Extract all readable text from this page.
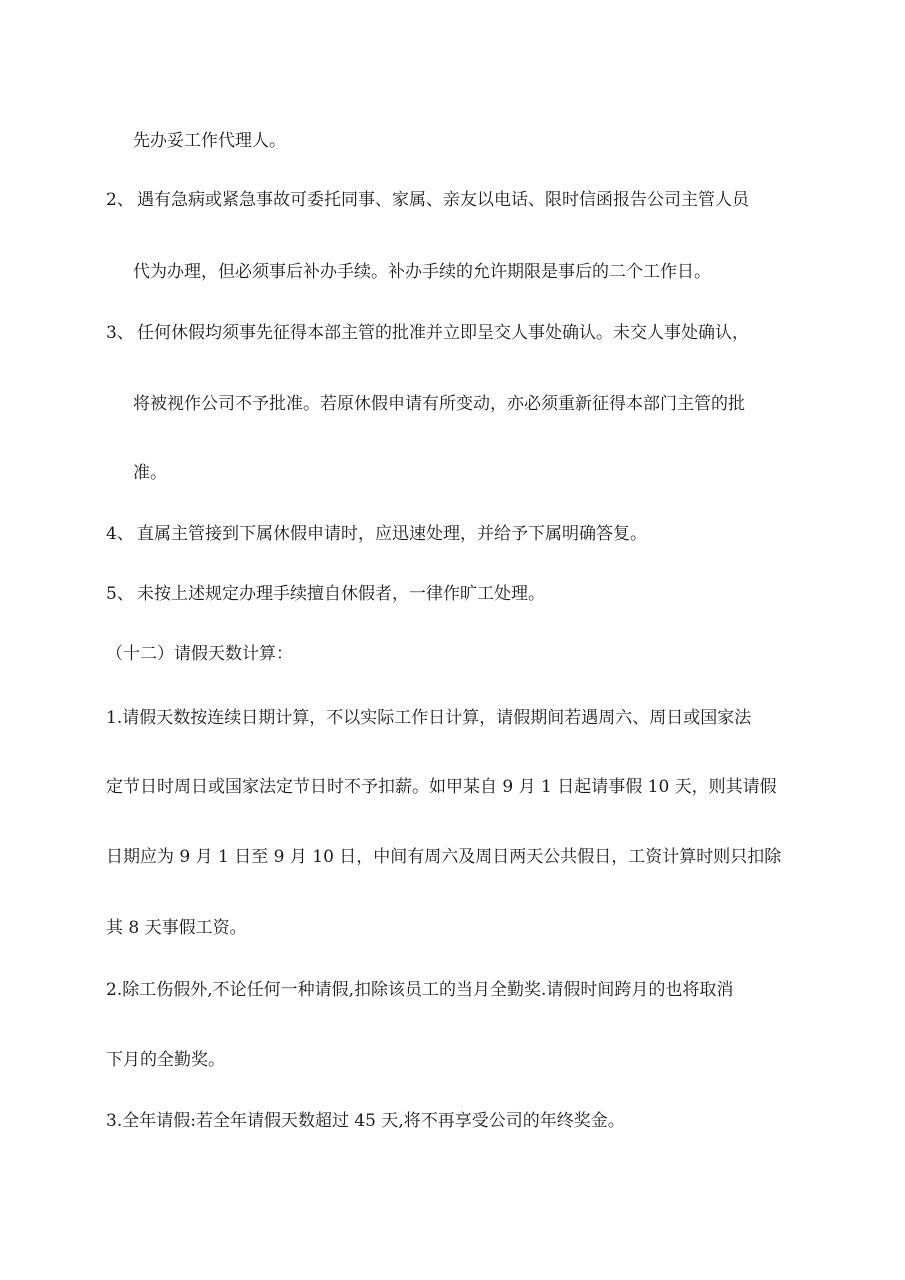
先办妥工作代理人。
2、 遇有急病或紧急事故可委托同事、家属、亲友以电话、限时信函报告公司主管人员
代为办理，但必须事后补办手续。补办手续的允许期限是事后的二个工作日。
3、 任何休假均须事先征得本部主管的批准并立即呈交人事处确认。未交人事处确认，
将被视作公司不予批准。若原休假申请有所变动，亦必须重新征得本部门主管的批
准。
4、 直属主管接到下属休假申请时，应迅速处理，并给予下属明确答复。
5、 未按上述规定办理手续擅自休假者，一律作旷工处理。
（十二）请假天数计算：
1.请假天数按连续日期计算，不以实际工作日计算，请假期间若遇周六、周日或国家法
定节日时周日或国家法定节日时不予扣薪。如甲某自 9 月 1 日起请事假 10 天，则其请假
日期应为 9 月 1 日至 9 月 10 日，中间有周六及周日两天公共假日，工资计算时则只扣除
其 8 天事假工资。
2.除工伤假外,不论任何一种请假,扣除该员工的当月全勤奖.请假时间跨月的也将取消
下月的全勤奖。
3.全年请假:若全年请假天数超过 45 天,将不再享受公司的年终奖金。
